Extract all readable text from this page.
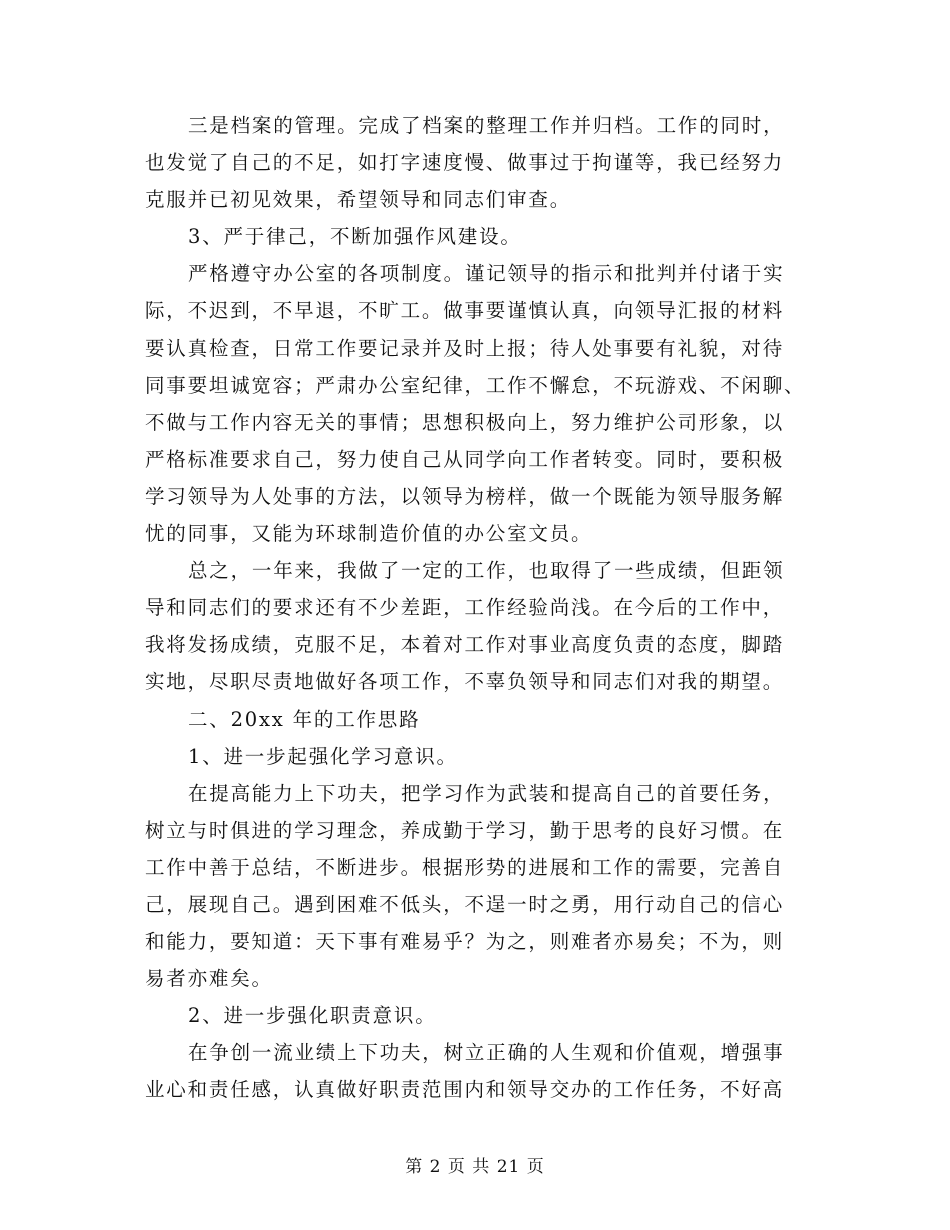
三是档案的管理。完成了档案的整理工作并归档。工作的同时，
也发觉了自己的不足，如打字速度慢、做事过于拘谨等，我已经努力
克服并已初见效果，希望领导和同志们审查。
3、严于律己，不断加强作风建设。
严格遵守办公室的各项制度。谨记领导的指示和批判并付诸于实
际，不迟到，不早退，不旷工。做事要谨慎认真，向领导汇报的材料
要认真检查，日常工作要记录并及时上报；待人处事要有礼貌，对待
同事要坦诚宽容；严肃办公室纪律，工作不懈怠，不玩游戏、不闲聊、
不做与工作内容无关的事情；思想积极向上，努力维护公司形象，以
严格标准要求自己，努力使自己从同学向工作者转变。同时，要积极
学习领导为人处事的方法，以领导为榜样，做一个既能为领导服务解
忧的同事，又能为环球制造价值的办公室文员。
总之，一年来，我做了一定的工作，也取得了一些成绩，但距领
导和同志们的要求还有不少差距，工作经验尚浅。在今后的工作中，
我将发扬成绩，克服不足，本着对工作对事业高度负责的态度，脚踏
实地，尽职尽责地做好各项工作，不辜负领导和同志们对我的期望。
二、20xx 年的工作思路
1、进一步起强化学习意识。
在提高能力上下功夫，把学习作为武装和提高自己的首要任务，
树立与时俱进的学习理念，养成勤于学习，勤于思考的良好习惯。在
工作中善于总结，不断进步。根据形势的进展和工作的需要，完善自
己，展现自己。遇到困难不低头，不逞一时之勇，用行动自己的信心
和能力，要知道：天下事有难易乎？为之，则难者亦易矣；不为，则
易者亦难矣。
2、进一步强化职责意识。
在争创一流业绩上下功夫，树立正确的人生观和价值观，增强事
业心和责任感，认真做好职责范围内和领导交办的工作任务，不好高
第 2 页 共 21 页
